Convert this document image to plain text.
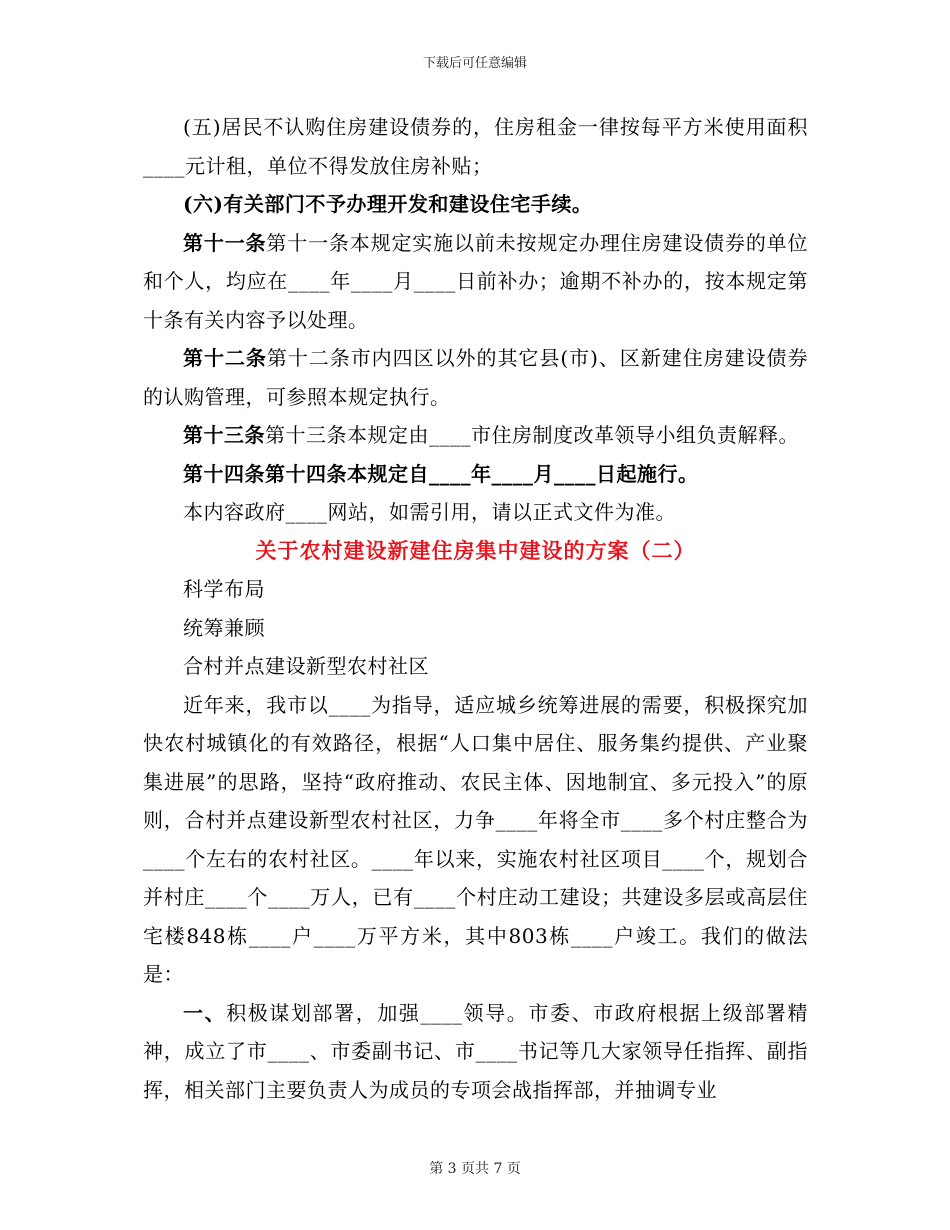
下载后可任意编辑

(五)居民不认购住房建设债券的，住房租金一律按每平方米使用面积____元计租，单位不得发放住房补贴；

(六)有关部门不予办理开发和建设住宅手续。

第十一条第十一条本规定实施以前未按规定办理住房建设债券的单位和个人，均应在____年____月____日前补办；逾期不补办的，按本规定第十条有关内容予以处理。

第十二条第十二条市内四区以外的其它县(市)、区新建住房建设债券的认购管理，可参照本规定执行。

第十三条第十三条本规定由____市住房制度改革领导小组负责解释。

第十四条第十四条本规定自____年____月____日起施行。

本内容政府____网站，如需引用，请以正式文件为准。

关于农村建设新建住房集中建设的方案（二）

科学布局

统筹兼顾

合村并点建设新型农村社区

近年来，我市以____为指导，适应城乡统筹进展的需要，积极探究加快农村城镇化的有效路径，根据“人口集中居住、服务集约提供、产业聚集进展”的思路，坚持“政府推动、农民主体、因地制宜、多元投入”的原则，合村并点建设新型农村社区，力争____年将全市____多个村庄整合为____个左右的农村社区。____年以来，实施农村社区项目____个，规划合并村庄____个____万人，已有____个村庄动工建设；共建设多层或高层住宅楼848栋____户____万平方米，其中803栋____户竣工。我们的做法是：

一、积极谋划部署，加强____领导。市委、市政府根据上级部署精神，成立了市____、市委副书记、市____书记等几大家领导任指挥、副指挥，相关部门主要负责人为成员的专项会战指挥部，并抽调专业

第 3 页共 7 页
